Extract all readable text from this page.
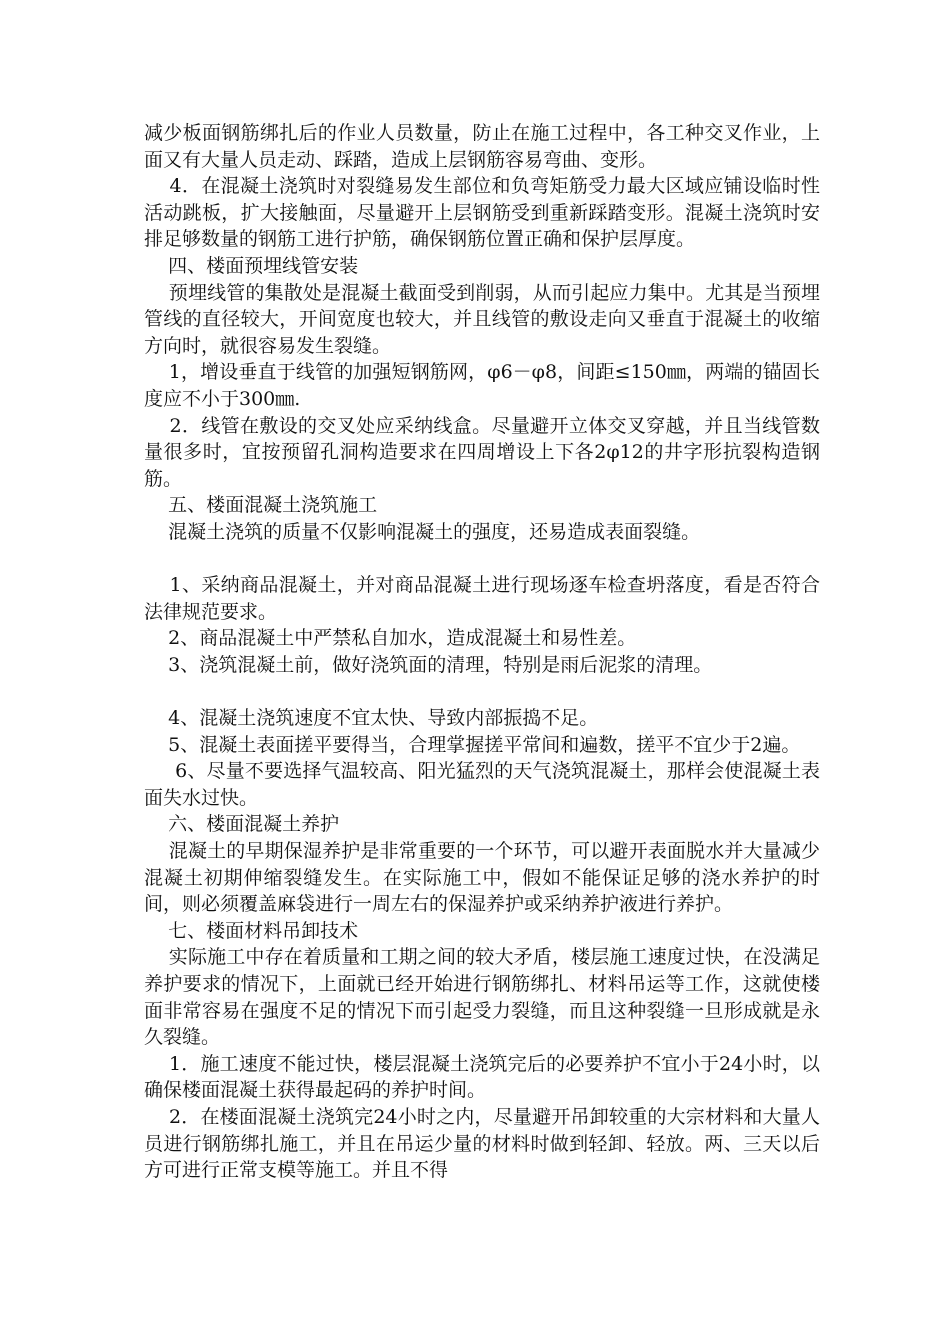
减少板面钢筋绑扎后的作业人员数量，防止在施工过程中，各工种交叉作业，上面又有大量人员走动、踩踏，造成上层钢筋容易弯曲、变形。

4．在混凝土浇筑时对裂缝易发生部位和负弯矩筋受力最大区域应铺设临时性活动跳板，扩大接触面，尽量避开上层钢筋受到重新踩踏变形。混凝土浇筑时安排足够数量的钢筋工进行护筋，确保钢筋位置正确和保护层厚度。

四、楼面预埋线管安装

预埋线管的集散处是混凝土截面受到削弱，从而引起应力集中。尤其是当预埋管线的直径较大，开间宽度也较大，并且线管的敷设走向又垂直于混凝土的收缩方向时，就很容易发生裂缝。

1，增设垂直于线管的加强短钢筋网，φ6－φ8，间距≤150㎜，两端的锚固长度应不小于300㎜.

2．线管在敷设的交叉处应采纳线盒。尽量避开立体交叉穿越，并且当线管数量很多时，宜按预留孔洞构造要求在四周增设上下各2φ12的井字形抗裂构造钢筋。

五、楼面混凝土浇筑施工

混凝土浇筑的质量不仅影响混凝土的强度，还易造成表面裂缝。

1、采纳商品混凝土，并对商品混凝土进行现场逐车检查坍落度，看是否符合法律规范要求。

2、商品混凝土中严禁私自加水，造成混凝土和易性差。

3、浇筑混凝土前，做好浇筑面的清理，特别是雨后泥浆的清理。

4、混凝土浇筑速度不宜太快、导致内部振捣不足。

5、混凝土表面搓平要得当，合理掌握搓平常间和遍数，搓平不宜少于2遍。

6、尽量不要选择气温较高、阳光猛烈的天气浇筑混凝土，那样会使混凝土表面失水过快。

六、楼面混凝土养护

混凝土的早期保湿养护是非常重要的一个环节，可以避开表面脱水并大量减少混凝土初期伸缩裂缝发生。在实际施工中，假如不能保证足够的浇水养护的时间，则必须覆盖麻袋进行一周左右的保湿养护或采纳养护液进行养护。

七、楼面材料吊卸技术

实际施工中存在着质量和工期之间的较大矛盾，楼层施工速度过快，在没满足养护要求的情况下，上面就已经开始进行钢筋绑扎、材料吊运等工作，这就使楼面非常容易在强度不足的情况下而引起受力裂缝，而且这种裂缝一旦形成就是永久裂缝。

1．施工速度不能过快，楼层混凝土浇筑完后的必要养护不宜小于24小时，以确保楼面混凝土获得最起码的养护时间。

2．在楼面混凝土浇筑完24小时之内，尽量避开吊卸较重的大宗材料和大量人员进行钢筋绑扎施工，并且在吊运少量的材料时做到轻卸、轻放。两、三天以后方可进行正常支模等施工。并且不得
